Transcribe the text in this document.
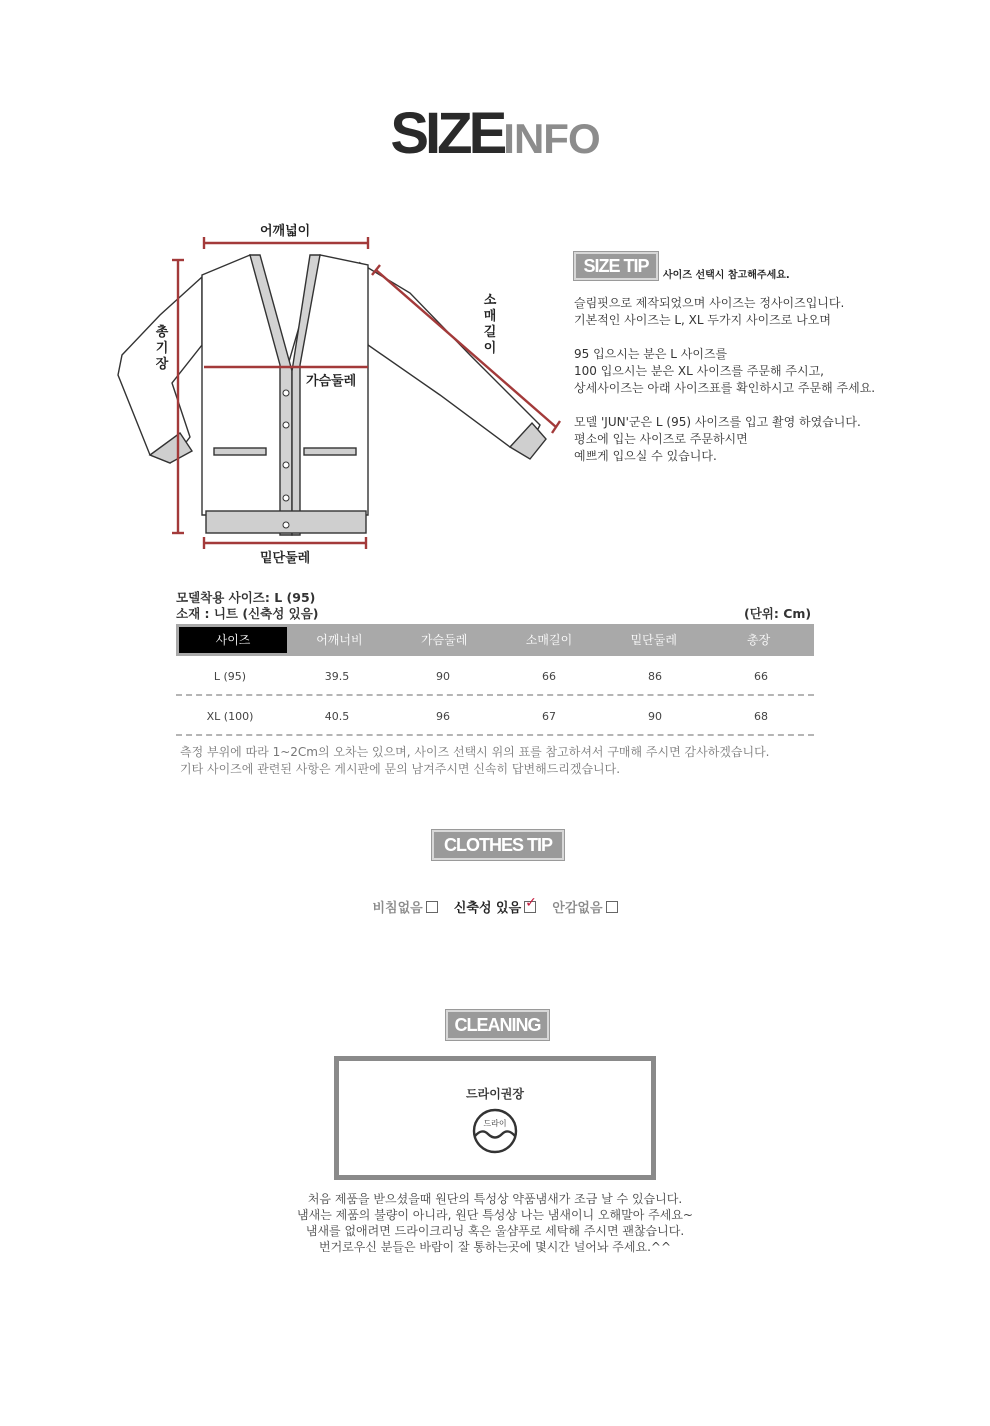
SIZEINFO
어깨넓이
총기장
소매길이
가슴둘레
밑단둘레
SIZE TIP	사이즈 선택시 참고해주세요.

슬림핏으로 제작되었으며 사이즈는 정사이즈입니다.

기본적인 사이즈는 L, XL 두가지 사이즈로 나오며

95 입으시는 분은 L 사이즈를

100 입으시는 분은 XL 사이즈를 주문해 주시고,

상세사이즈는 아래 사이즈표를 확인하시고 주문해 주세요.

모델 'JUN'군은 L (95) 사이즈를 입고 촬영 하였습니다.

평소에 입는 사이즈로 주문하시면

예쁘게 입으실 수 있습니다.

모델착용 사이즈: L (95)
소재 : 니트 (신축성 있음)	(단위: Cm)
사이즈	어깨너비	가슴둘레	소매길이	밑단둘레	총장
L (95)	39.5	90	66	86	66
XL (100)	40.5	96	67	90	68

측정 부위에 따라 1~2Cm의 오차는 있으며, 사이즈 선택시 위의 표를 참고하셔서 구매해 주시면 감사하겠습니다.

기타 사이즈에 관련된 사항은 게시판에 문의 남겨주시면 신속히 답변해드리겠습니다.

CLOTHES TIP
비침없음 신축성 있음 ✓ 안감없음
CLEANING
드라이권장
드라이

처음 제품을 받으셨을때 원단의 특성상 약품냄새가 조금 날 수 있습니다.

냄새는 제품의 불량이 아니라, 원단 특성상 나는 냄새이니 오해말아 주세요~

냄새를 없애려면 드라이크리닝 혹은 울샴푸로 세탁해 주시면 괜찮습니다.

번거로우신 분들은 바람이 잘 통하는곳에 몇시간 널어놔 주세요.^^
